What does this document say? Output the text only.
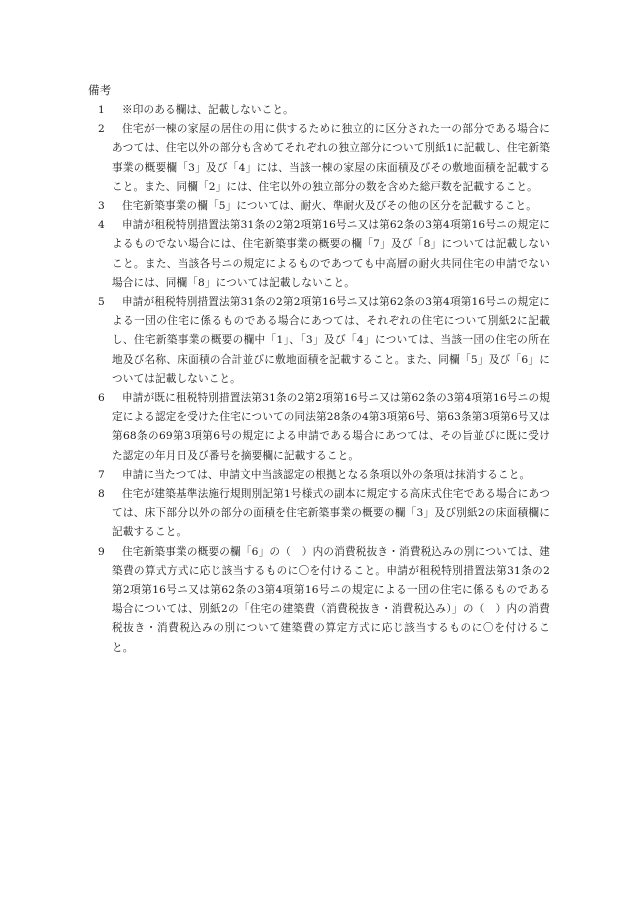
備考
1	※印のある欄は、記載しないこと。
2	住宅が一棟の家屋の居住の用に供するために独立的に区分された一の部分である場合にあつては、住宅以外の部分も含めてそれぞれの独立部分について別紙1に記載し、住宅新築事業の概要欄「3」及び「4」には、当該一棟の家屋の床面積及びその敷地面積を記載すること。また、同欄「2」には、住宅以外の独立部分の数を含めた総戸数を記載すること。
3	住宅新築事業の欄「5」については、耐火、準耐火及びその他の区分を記載すること。
4	申請が租税特別措置法第31条の2第2項第16号ニ又は第62条の3第4項第16号ニの規定によるものでない場合には、住宅新築事業の概要の欄「7」及び「8」については記載しないこと。また、当該各号ニの規定によるものであつても中高層の耐火共同住宅の申請でない場合には、同欄「8」については記載しないこと。
5	申請が租税特別措置法第31条の2第2項第16号ニ又は第62条の3第4項第16号ニの規定による一団の住宅に係るものである場合にあつては、それぞれの住宅について別紙2に記載し、住宅新築事業の概要の欄中「1」、「3」及び「4」については、当該一団の住宅の所在地及び名称、床面積の合計並びに敷地面積を記載すること。また、同欄「5」及び「6」については記載しないこと。
6	申請が既に租税特別措置法第31条の2第2項第16号ニ又は第62条の3第4項第16号ニの規定による認定を受けた住宅についての同法第28条の4第3項第6号、第63条第3項第6号又は第68条の69第3項第6号の規定による申請である場合にあつては、その旨並びに既に受けた認定の年月日及び番号を摘要欄に記載すること。
7	申請に当たつては、申請文中当該認定の根拠となる条項以外の条項は抹消すること。
8	住宅が建築基準法施行規則別記第1号様式の副本に規定する高床式住宅である場合にあつては、床下部分以外の部分の面積を住宅新築事業の概要の欄「3」及び別紙2の床面積欄に記載すること。
9	住宅新築事業の概要の欄「6」の（　）内の消費税抜き・消費税込みの別については、建築費の算式方式に応じ該当するものに〇を付けること。申請が租税特別措置法第31条の2第2項第16号ニ又は第62条の3第4項第16号ニの規定による一団の住宅に係るものである場合については、別紙2の「住宅の建築費（消費税抜き・消費税込み）」の（　）内の消費税抜き・消費税込みの別について建築費の算定方式に応じ該当するものに〇を付けること。
